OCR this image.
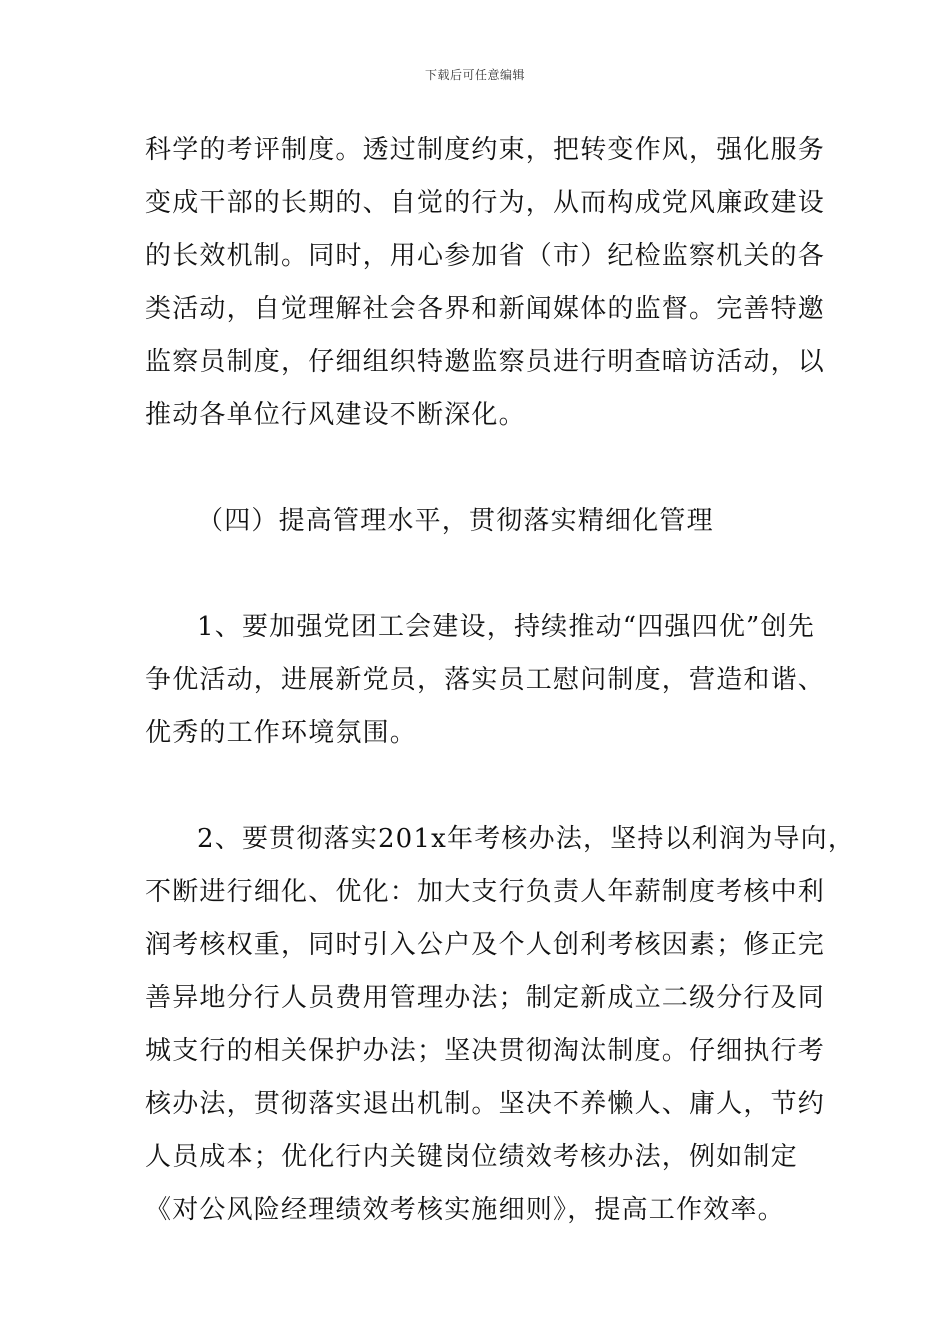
下载后可任意编辑
科学的考评制度。透过制度约束，把转变作风，强化服务
变成干部的长期的、自觉的行为，从而构成党风廉政建设
的长效机制。同时，用心参加省（市）纪检监察机关的各
类活动，自觉理解社会各界和新闻媒体的监督。完善特邀
监察员制度，仔细组织特邀监察员进行明查暗访活动，以
推动各单位行风建设不断深化。
（四）提高管理水平，贯彻落实精细化管理
1、要加强党团工会建设，持续推动“四强四优”创先
争优活动，进展新党员，落实员工慰问制度，营造和谐、
优秀的工作环境氛围。
2、要贯彻落实201x年考核办法，坚持以利润为导向，
不断进行细化、优化：加大支行负责人年薪制度考核中利
润考核权重，同时引入公户及个人创利考核因素；修正完
善异地分行人员费用管理办法；制定新成立二级分行及同
城支行的相关保护办法；坚决贯彻淘汰制度。仔细执行考
核办法，贯彻落实退出机制。坚决不养懒人、庸人，节约
人员成本；优化行内关键岗位绩效考核办法，例如制定
《对公风险经理绩效考核实施细则》，提高工作效率。
